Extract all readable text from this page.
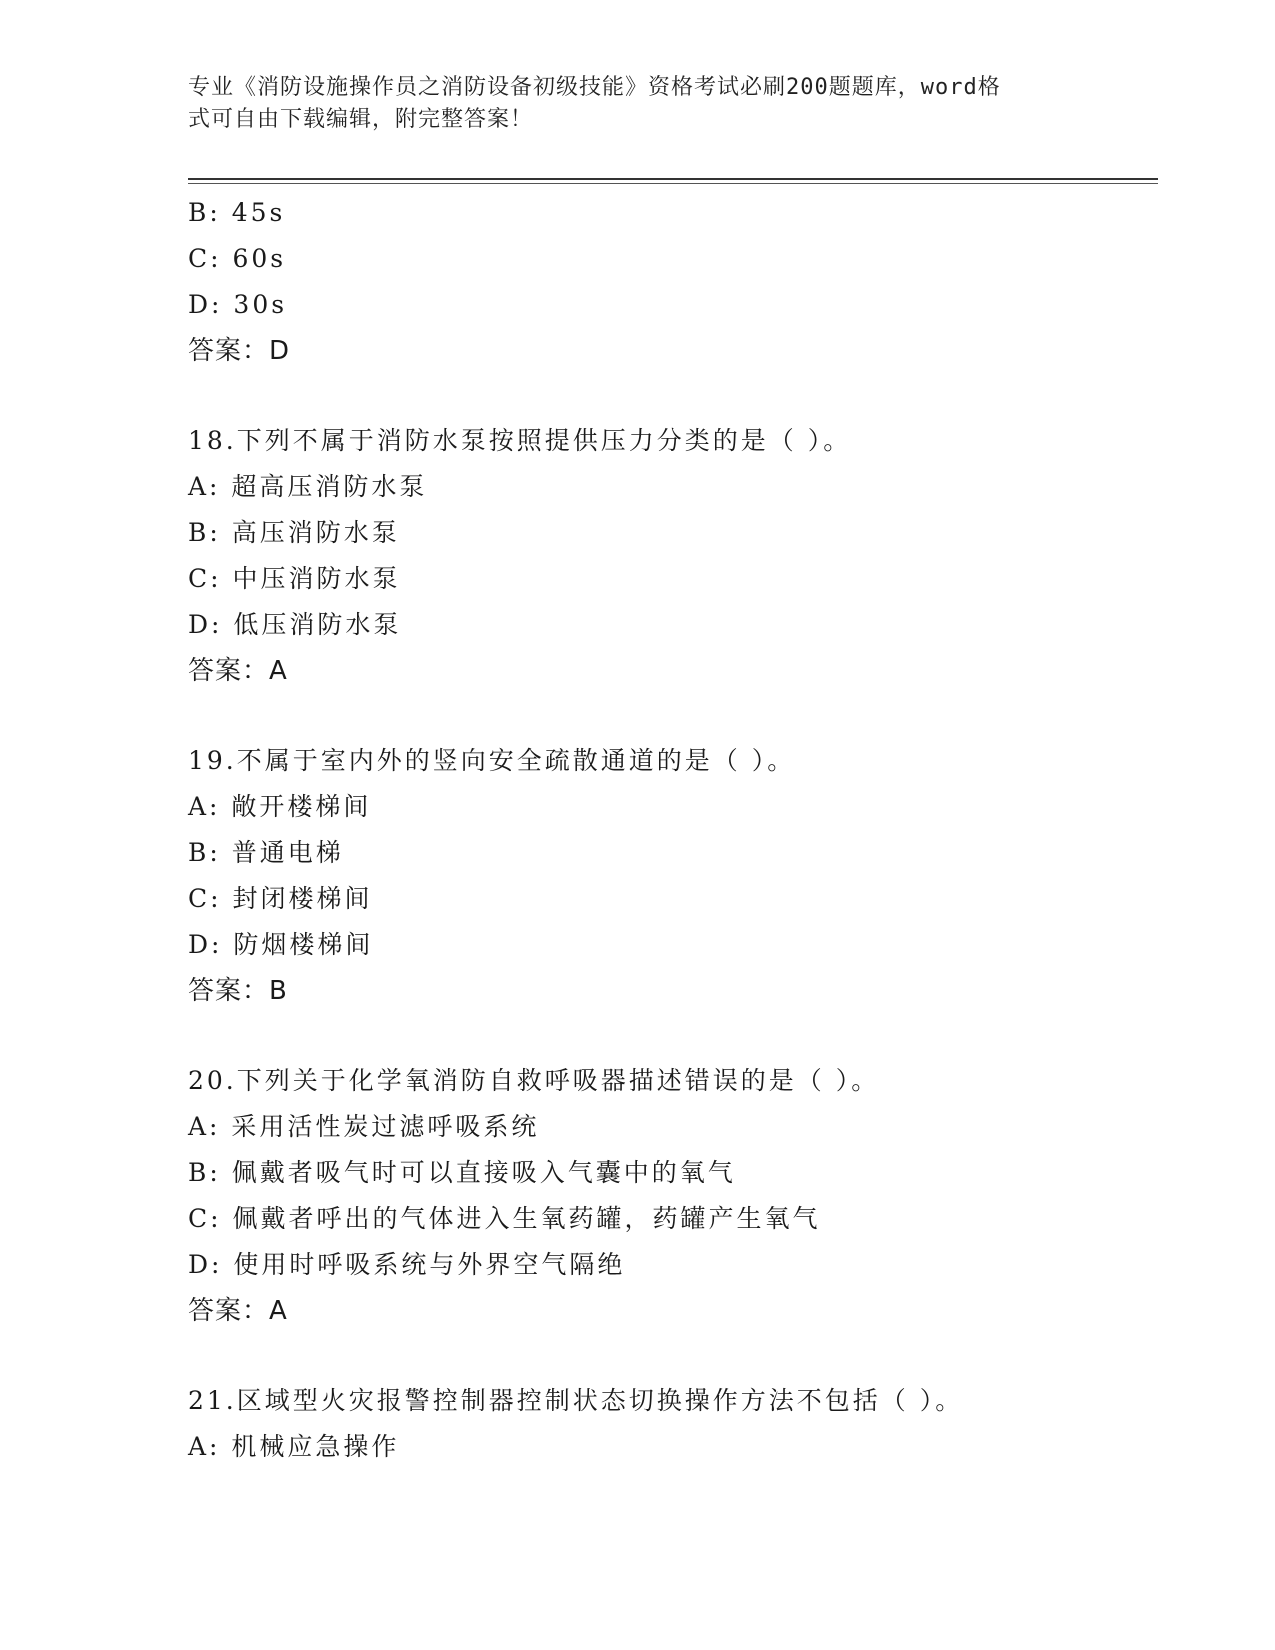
专业《消防设施操作员之消防设备初级技能》资格考试必刷200题题库，word格
式可自由下载编辑，附完整答案！
B: 45s
C: 60s
D: 30s
答案：D
18.下列不属于消防水泵按照提供压力分类的是（ ）。
A: 超高压消防水泵
B: 高压消防水泵
C: 中压消防水泵
D: 低压消防水泵
答案：A
19.不属于室内外的竖向安全疏散通道的是（ ）。
A: 敞开楼梯间
B: 普通电梯
C: 封闭楼梯间
D: 防烟楼梯间
答案：B
20.下列关于化学氧消防自救呼吸器描述错误的是（ ）。
A: 采用活性炭过滤呼吸系统
B: 佩戴者吸气时可以直接吸入气囊中的氧气
C: 佩戴者呼出的气体进入生氧药罐，药罐产生氧气
D: 使用时呼吸系统与外界空气隔绝
答案：A
21.区域型火灾报警控制器控制状态切换操作方法不包括（ ）。
A: 机械应急操作
